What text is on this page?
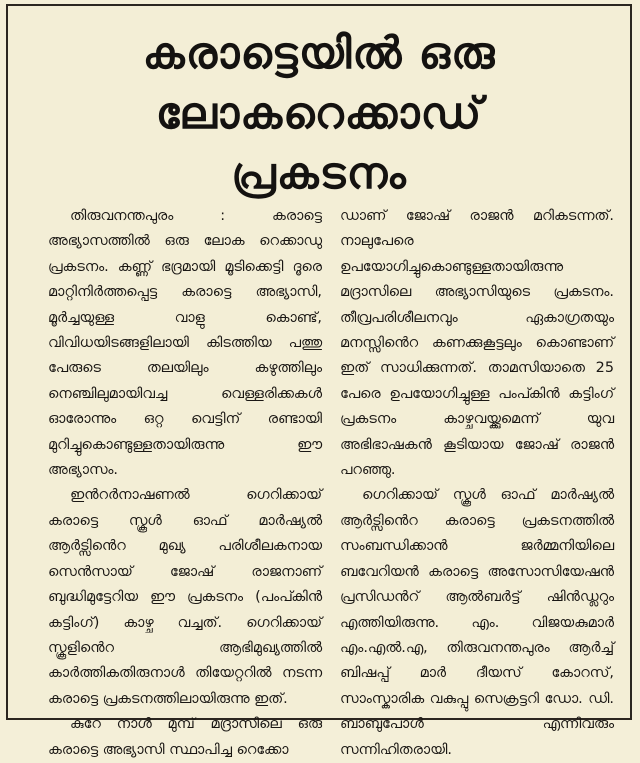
കരാട്ടെയിൽ ഒരു
ലോകറെക്കാഡ്
പ്രകടനം

തിരുവനന്തപുരം : കരാട്ടെ അഭ്യാസത്തിൽ ഒരു ലോക റെക്കാഡു പ്രകടനം. കണ്ണ് ഭദ്രമായി മൂടിക്കെട്ടി ദൂരെ മാറ്റിനിർത്തപ്പെട്ട കരാട്ടെ അഭ്യാസി, മൂർച്ചയുള്ള വാളു കൊണ്ട്, വിവിധയിടങ്ങളിലായി കിടത്തിയ പത്തു പേരുടെ തലയിലും കഴുത്തിലും നെഞ്ചിലുമായിവച്ച വെള്ളരിക്കകൾ ഓരോന്നും ഒറ്റ വെട്ടിന് രണ്ടായി മുറിച്ചുകൊണ്ടുള്ളതായിരുന്നു ഈ അഭ്യാസം.

ഇൻറർനാഷണൽ ഗെറിക്കായ് കരാട്ടെ സ്കൂൾ ഓഫ് മാർഷ്യൽ ആർട്സിൻെറ മുഖ്യ പരിശീലകനായ സെൻസായ് ജോഷ് രാജനാണ് ബുദ്ധിമുട്ടേറിയ ഈ പ്രകടനം (പംപ്കിൻ കട്ടിംഗ്) കാഴ്ച വച്ചത്. ഗെറിക്കായ് സ്കൂളിൻെറ ആഭിമുഖ്യത്തിൽ കാർത്തികതിരുനാൾ തിയേറ്ററിൽ നടന്ന കരാട്ടെ പ്രകടനത്തിലായിരുന്നു ഇത്.

കുറേ നാൾ മുമ്പ് മദ്രാസിലെ ഒരു കരാട്ടെ അഭ്യാസി സ്ഥാപിച്ച റെക്കോ

ഡാണ് ജോഷ് രാജൻ മറികടന്നത്. നാലുപേരെ ഉപയോഗിച്ചുകൊണ്ടുള്ളതായിരുന്നു മദ്രാസിലെ അഭ്യാസിയുടെ പ്രകടനം. തീവ്രപരിശീലനവും ഏകാഗ്രതയും മനസ്സിൻെറ കണക്കുകൂട്ടലും കൊണ്ടാണ് ഇത് സാധിക്കുന്നത്. താമസിയാതെ 25 പേരെ ഉപയോഗിച്ചുള്ള പംപ്കിൻ കട്ടിംഗ് പ്രകടനം കാഴ്ചവയ്ക്കുമെന്ന് യുവ അഭിഭാഷകൻ കൂടിയായ ജോഷ് രാജൻ പറഞ്ഞു.

ഗെറിക്കായ് സ്കൂൾ ഓഫ് മാർഷ്യൽ ആർട്സിൻെറ കരാട്ടെ പ്രകടനത്തിൽ സംബന്ധിക്കാൻ ജർമ്മനിയിലെ ബവേറിയൻ കരാട്ടെ അസോസിയേഷൻ പ്രസിഡൻറ് ആൽബർട്ട് ഷിൻഡ്ലറും എത്തിയിരുന്നു. എം. വിജയകുമാർ എം.എൽ.എ, തിരുവനന്തപുരം ആർച്ച് ബിഷപ്പ് മാർ ദീയസ് കോറസ്, സാംസ്കാരിക വകുപ്പു സെക്രട്ടറി ഡോ. ഡി. ബാബുപോൾ എന്നിവരും സന്നിഹിതരായി.
